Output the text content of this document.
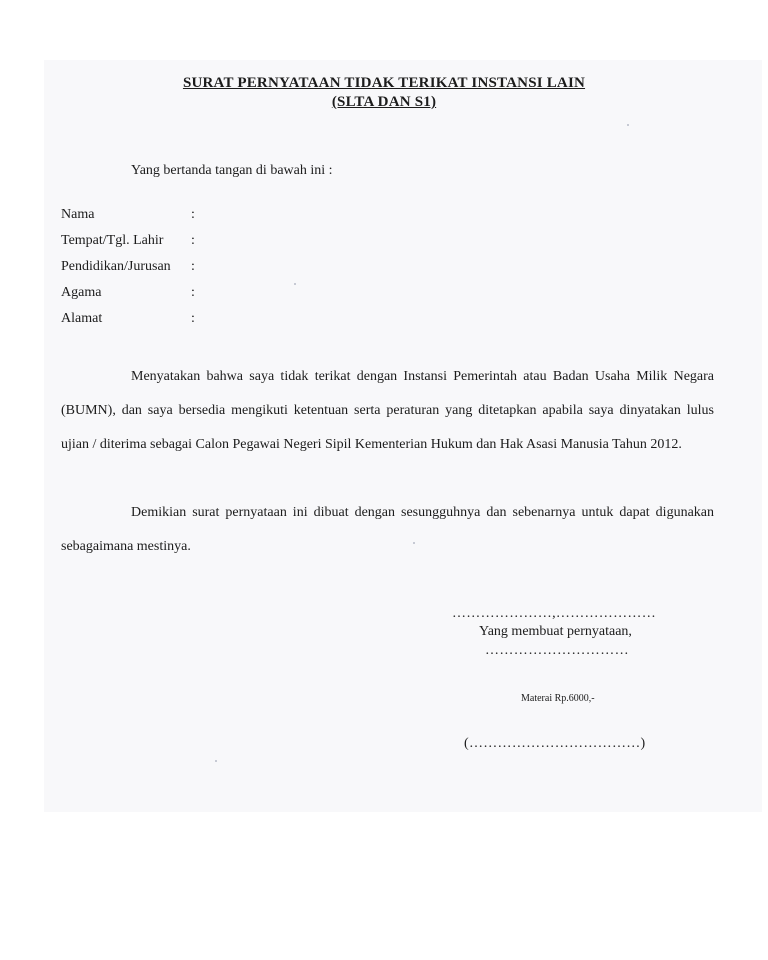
SURAT PERNYATAAN TIDAK TERIKAT INSTANSI LAIN
(SLTA DAN S1)
Yang bertanda tangan di bawah ini :
Nama	:
Tempat/Tgl. Lahir :
Pendidikan/Jurusan :
Agama	:
Alamat	:

Menyatakan bahwa saya tidak terikat dengan Instansi Pemerintah atau Badan Usaha Milik Negara (BUMN), dan saya bersedia mengikuti ketentuan serta peraturan yang ditetapkan apabila saya dinyatakan lulus ujian / diterima sebagai Calon Pegawai Negeri Sipil Kementerian Hukum dan Hak Asasi Manusia Tahun 2012.

Demikian surat pernyataan ini dibuat dengan sesungguhnya dan sebenarnya untuk dapat digunakan sebagaimana mestinya.

…………………,…………………
Yang membuat pernyataan,
…………………………
Materai Rp.6000,-
(………………………………)
